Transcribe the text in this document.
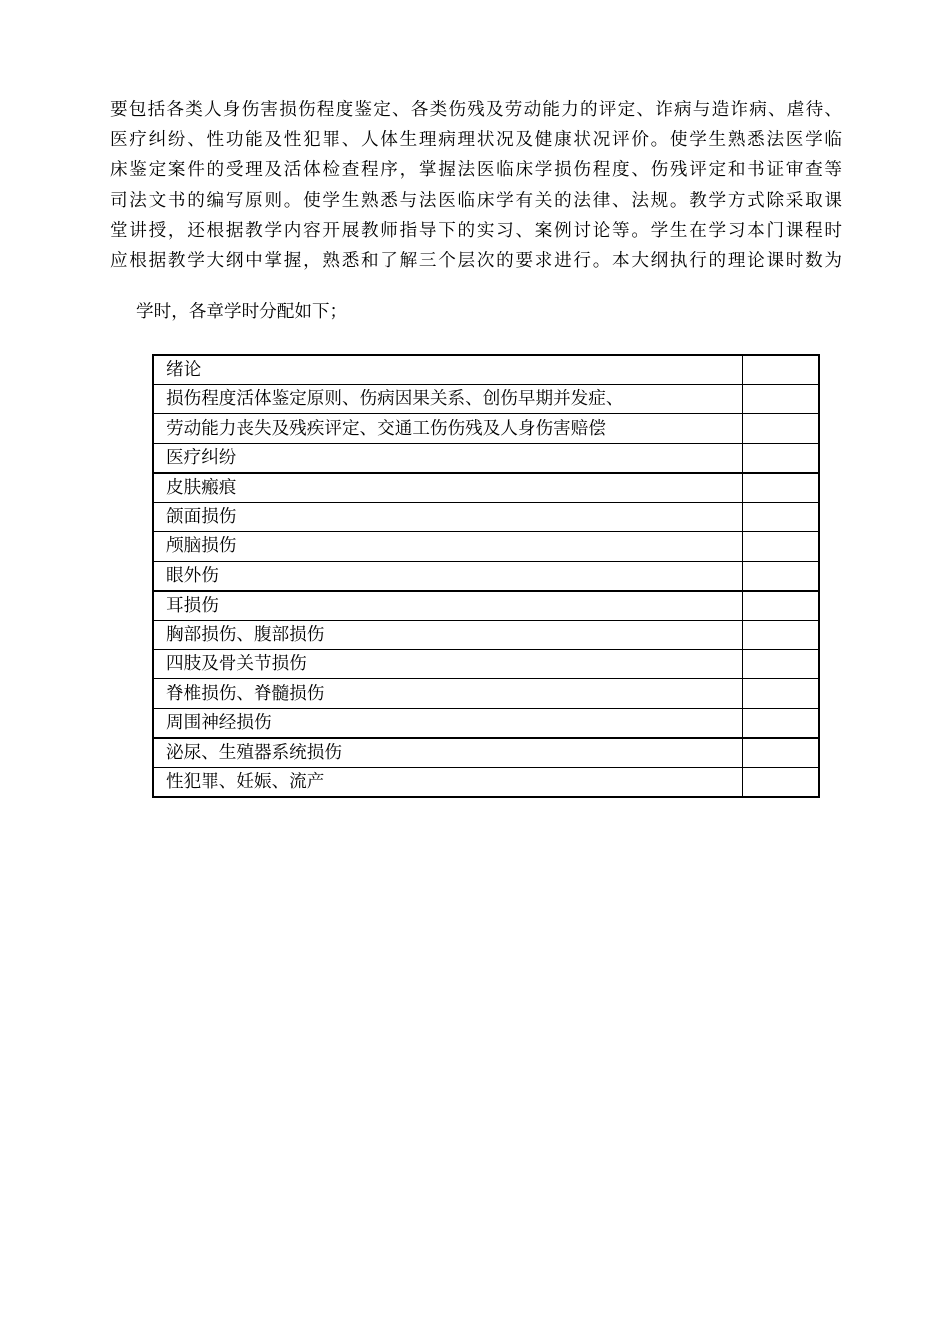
要包括各类人身伤害损伤程度鉴定、各类伤残及劳动能力的评定、诈病与造诈病、虐待、
医疗纠纷、性功能及性犯罪、人体生理病理状况及健康状况评价。使学生熟悉法医学临
床鉴定案件的受理及活体检查程序，掌握法医临床学损伤程度、伤残评定和书证审查等
司法文书的编写原则。使学生熟悉与法医临床学有关的法律、法规。教学方式除采取课
堂讲授，还根据教学内容开展教师指导下的实习、案例讨论等。学生在学习本门课程时
应根据教学大纲中掌握，熟悉和了解三个层次的要求进行。本大纲执行的理论课时数为
学时，各章学时分配如下；
绪论	
损伤程度活体鉴定原则、伤病因果关系、创伤早期并发症、	
劳动能力丧失及残疾评定、交通工伤伤残及人身伤害赔偿	
医疗纠纷	
皮肤瘢痕	
颌面损伤	
颅脑损伤	
眼外伤	
耳损伤	
胸部损伤、腹部损伤	
四肢及骨关节损伤	
脊椎损伤、脊髓损伤	
周围神经损伤	
泌尿、生殖器系统损伤	
性犯罪、妊娠、流产	
